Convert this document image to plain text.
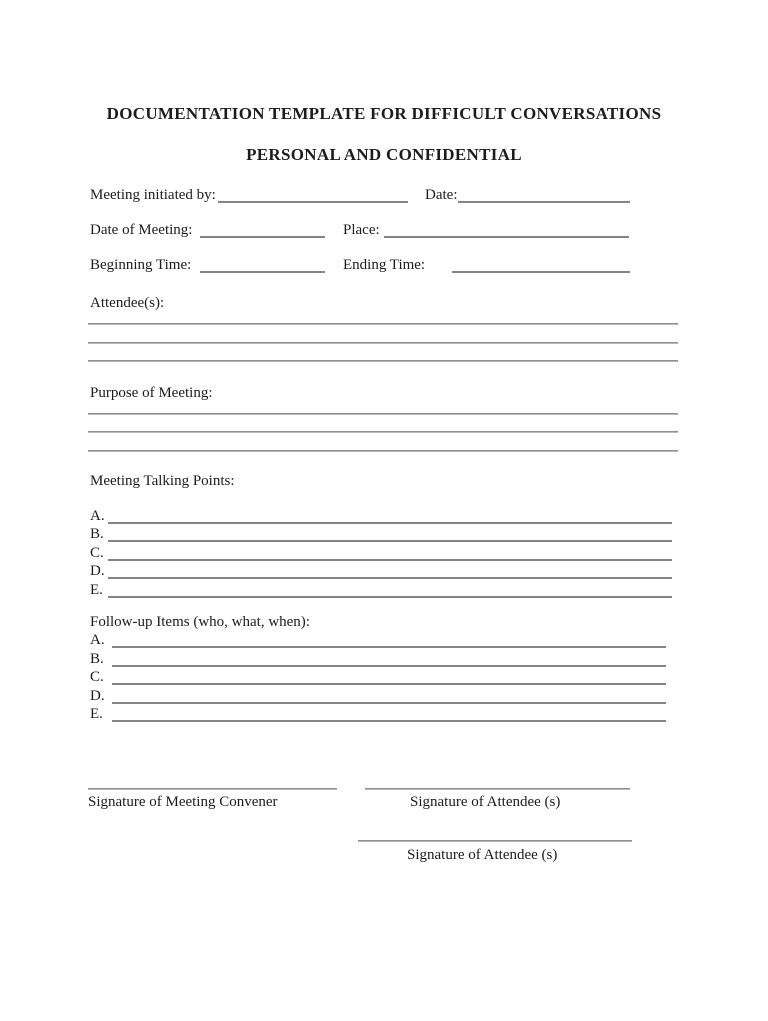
DOCUMENTATION TEMPLATE FOR DIFFICULT CONVERSATIONS
PERSONAL AND CONFIDENTIAL
Meeting initiated by:	Date:
Date of Meeting:	Place:
Beginning Time:	Ending Time:
Attendee(s):
Purpose of Meeting:
Meeting Talking Points:
A.
B.
C.
D.
E.
Follow-up Items (who, what, when):
A.
B.
C.
D.
E.
Signature of Meeting Convener	Signature of Attendee (s)
Signature of Attendee (s)
